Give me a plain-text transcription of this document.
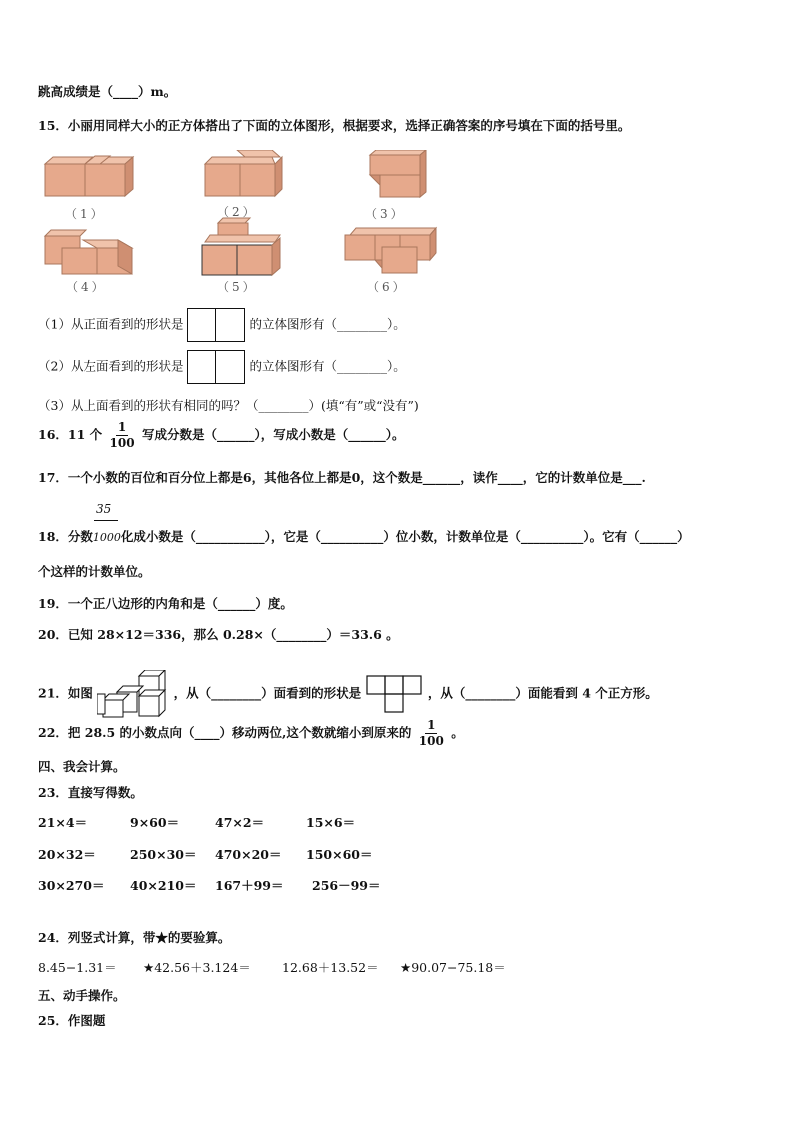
跳高成绩是（____）m。
15．小丽用同样大小的正方体搭出了下面的立体图形，根据要求，选择正确答案的序号填在下面的括号里。
（1）	（2）	（3）
（4）	（5）	（6）
（1）从正面看到的形状是	的立体图形有（________）。
（2）从左面看到的形状是	的立体图形有（________）。
（3）从上面看到的形状有相同的吗？（________）(填“有”或“没有”)
16．11 个 $\frac{1}{100}$ 写成分数是（______），写成小数是（______）。
17．一个小数的百位和百分位上都是6，其他各位上都是0，这个数是______，读作____，它的计数单位是___.
35
18．分数1000化成小数是（___________），它是（__________）位小数，计数单位是（__________）。它有（______）
个这样的计数单位。
19．一个正八边形的内角和是（______）度。
20．已知 28×12＝336，那么 0.28×（________）＝33.6 。
21．如图	，从（________）面看到的形状是	，从（________）面能看到 4 个正方形。
22．把 28.5 的小数点向（____）移动两位,这个数就缩小到原来的 $\frac{1}{100}$ 。
四、我会计算。
23．直接写得数。
21×4＝	9×60＝	47×2＝	15×6＝
20×32＝	250×30＝ 470×20＝ 150×60＝
30×270＝ 40×210＝ 167＋99＝ 256－99＝
24．列竖式计算，带★的要验算。
8.45−1.31＝ ★42.56＋3.124＝ 12.68＋13.52＝ ★90.07−75.18＝
五、动手操作。
25．作图题
